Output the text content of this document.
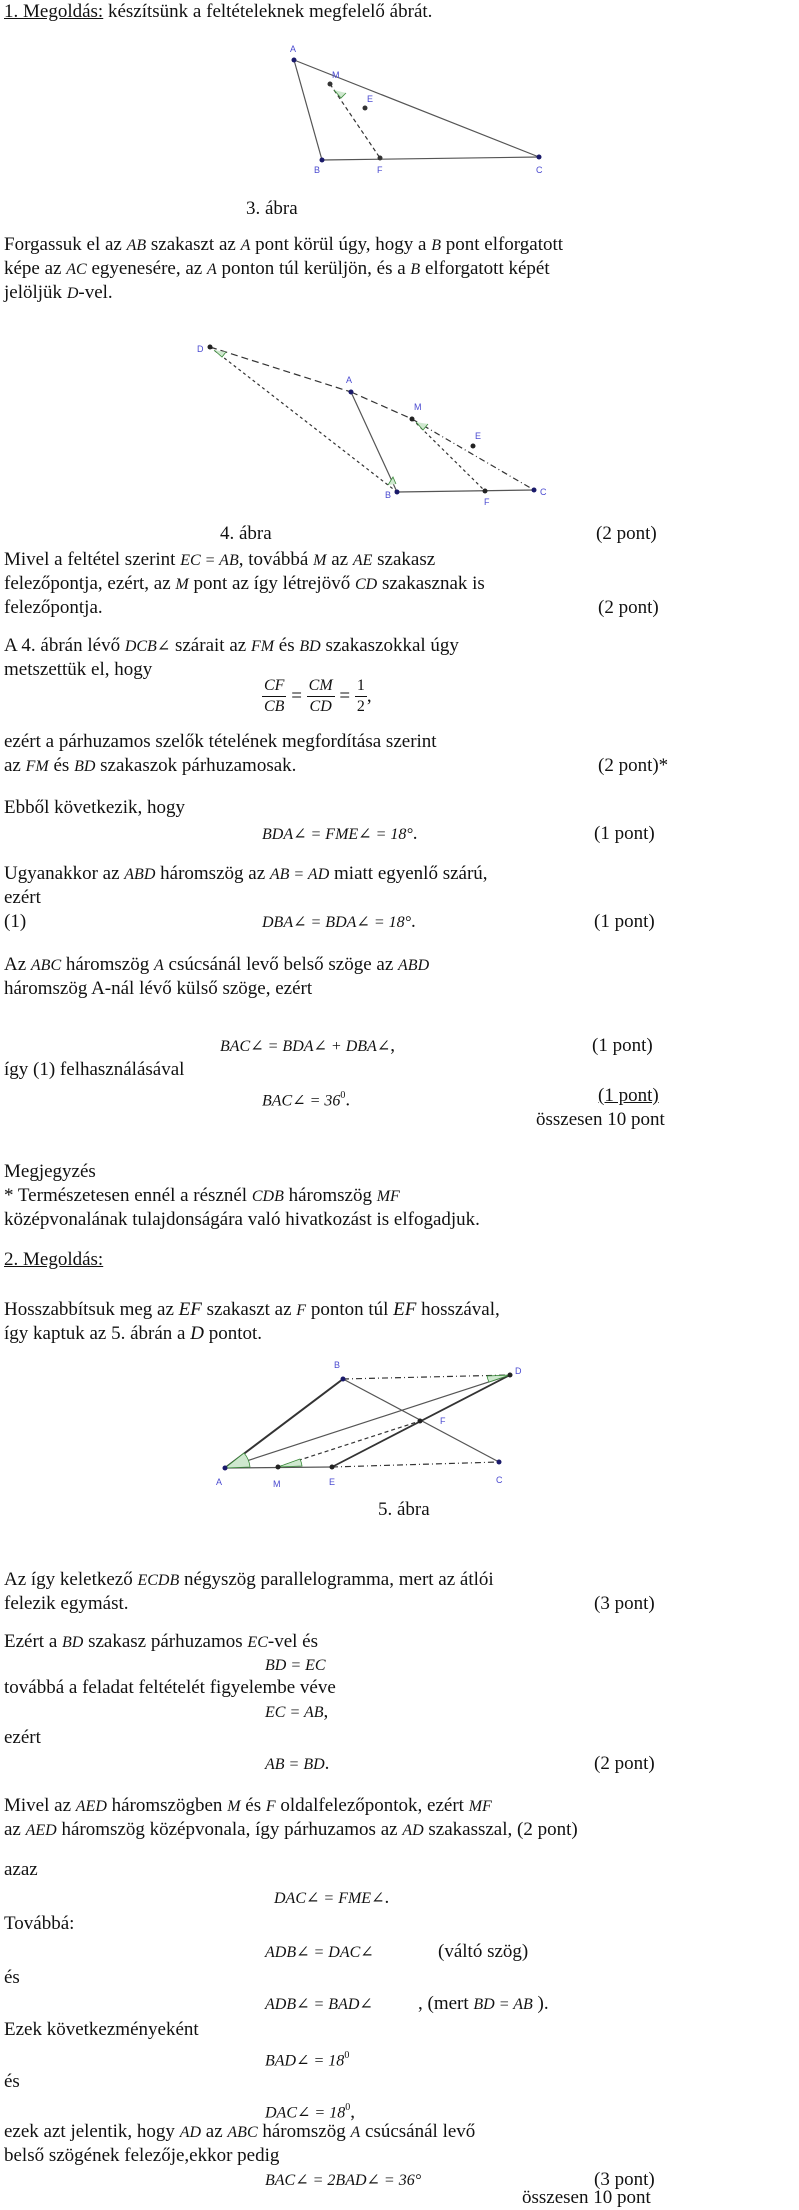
1. Megoldás: készítsünk a feltételeknek megfelelő ábrát.
A
M
E
B	F	C
3. ábra
Forgassuk el az AB szakaszt az A pont körül úgy, hogy a B pont elforgatott
képe az AC egyenesére, az A ponton túl kerüljön, és a B elforgatott képét
jelöljük D-vel.
D
A
M
E
B
F
C
4. ábra	(2 pont)
Mivel a feltétel szerint EC = AB, továbbá M az AE szakasz
felezőpontja, ezért, az M pont az így létrejövő CD szakasznak is
felezőpontja.	(2 pont)
A 4. ábrán lévő DCB∠ szárait az FM és BD szakaszokkal úgy
metszettük el, hogy
$\frac{CF}{CB} = \frac{CM}{CD} = \frac{1}{2}$ ,
ezért a párhuzamos szelők tételének megfordítása szerint
az FM és BD szakaszok párhuzamosak.	(2 pont)*
Ebből következik, hogy
BDA∠ = FME∠ = 18°.	(1 pont)
Ugyanakkor az ABD háromszög az AB = AD miatt egyenlő szárú,
ezért
(1)	DBA∠ = BDA∠ = 18°.	(1 pont)
Az ABC háromszög A csúcsánál levő belső szöge az ABD
háromszög A-nál lévő külső szöge, ezért
BAC∠ = BDA∠ + DBA∠,	(1 pont)
így (1) felhasználásával
BAC∠ = $36^0$.	(1 pont)
összesen 10 pont
Megjegyzés
* Természetesen ennél a résznél CDB háromszög MF
középvonalának tulajdonságára való hivatkozást is elfogadjuk.
2. Megoldás:
Hosszabbítsuk meg az EF szakaszt az F ponton túl EF hosszával,
így kaptuk az 5. ábrán a D pontot.
B
D
F
A	M	E	C
5. ábra
Az így keletkező ECDB négyszög parallelogramma, mert az átlói
felezik egymást.	(3 pont)
Ezért a BD szakasz párhuzamos EC-vel és
BD = EC
továbbá a feladat feltételét figyelembe véve
EC = AB,
ezért
AB = BD.	(2 pont)
Mivel az AED háromszögben M és F oldalfelezőpontok, ezért MF
az AED háromszög középvonala, így párhuzamos az AD szakasszal, (2 pont)
azaz
DAC∠ = FME∠.
Továbbá:
ADB∠ = DAC∠	(váltó szög)
és
ADB∠ = BAD∠ , (mert BD = AB ).
Ezek következményeként
BAD∠ = $18^0$
és
DAC∠ = $18^0$,
ezek azt jelentik, hogy AD az ABC háromszög A csúcsánál levő
belső szögének felezője,ekkor pedig
BAC∠ = 2BAD∠ = 36°	(3 pont)
összesen 10 pont
